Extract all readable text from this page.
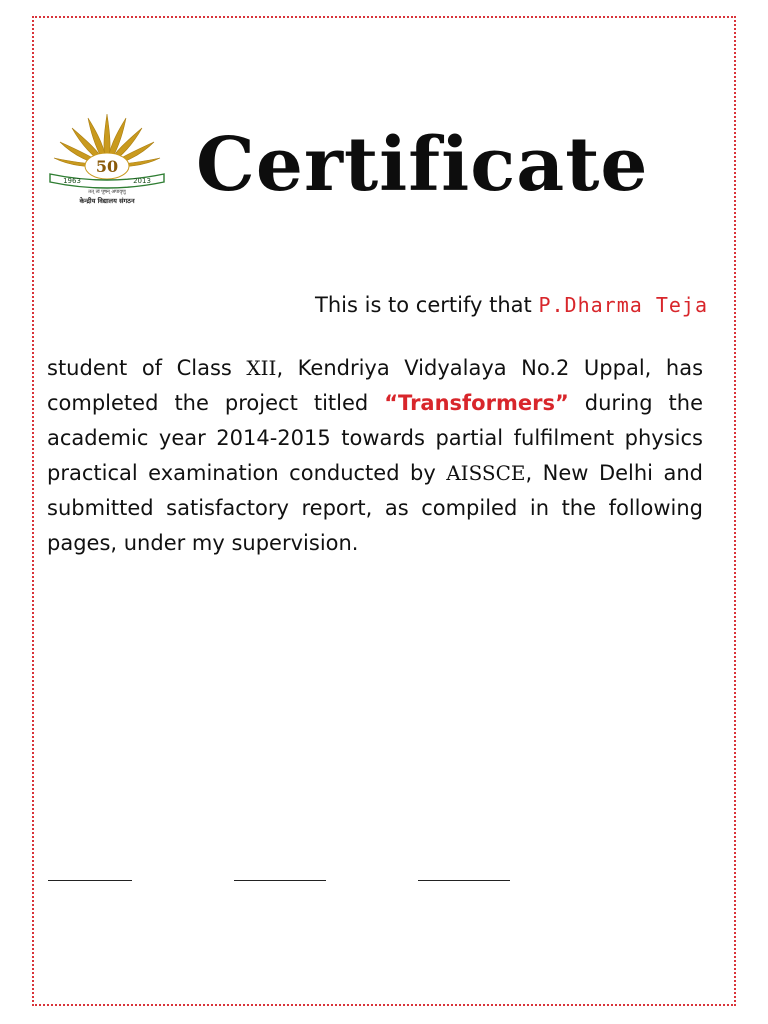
50
1963	2013
तत् त्वं पूषन् अपावृणु
केन्द्रीय विद्यालय संगठन Certificate
This is to certify that P.Dharma Teja

student of Class XII, Kendriya Vidyalaya No.2 Uppal, has completed the project titled “Transformers” during the academic year 2014-2015 towards partial fulfilment physics practical examination conducted by AISSCE, New Delhi and submitted satisfactory report, as compiled in the following pages, under my supervision.
